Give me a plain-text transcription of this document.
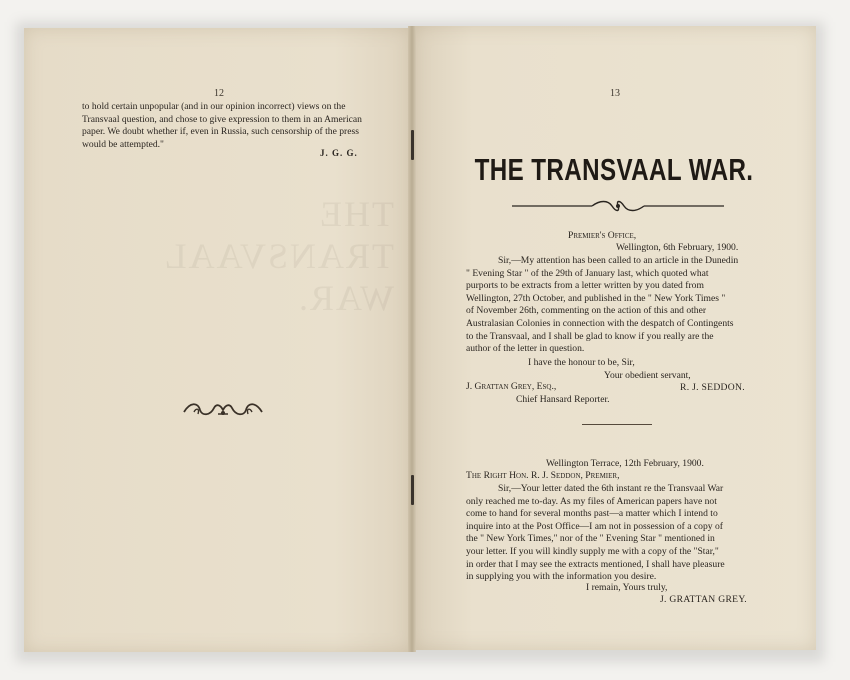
12
THE TRANSVAAL WAR.

to hold certain unpopular (and in our opinion incorrect) views on the

Transvaal question, and chose to give expression to them in an American

paper. We doubt whether if, even in Russia, such censorship of the press

would be attempted."

J. G. G.
13
THE TRANSVAAL WAR.
Premier's Office,
Wellington, 6th February, 1900.

Sir,—My attention has been called to an article in the Dunedin

" Evening Star " of the 29th of January last, which quoted what

purports to be extracts from a letter written by you dated from

Wellington, 27th October, and published in the " New York Times "

of November 26th, commenting on the action of this and other

Australasian Colonies in connection with the despatch of Contingents

to the Transvaal, and I shall be glad to know if you really are the

author of the letter in question.

I have the honour to be, Sir,
Your obedient servant,
R. J. SEDDON.
J. Grattan Grey, Esq.,
Chief Hansard Reporter.
Wellington Terrace, 12th February, 1900.
The Right Hon. R. J. Seddon, Premier,

Sir,—Your letter dated the 6th instant re the Transvaal War

only reached me to-day. As my files of American papers have not

come to hand for several months past—a matter which I intend to

inquire into at the Post Office—I am not in possession of a copy of

the " New York Times," nor of the " Evening Star " mentioned in

your letter. If you will kindly supply me with a copy of the "Star,"

in order that I may see the extracts mentioned, I shall have pleasure

in supplying you with the information you desire.

I remain, Yours truly,
J. GRATTAN GREY.
